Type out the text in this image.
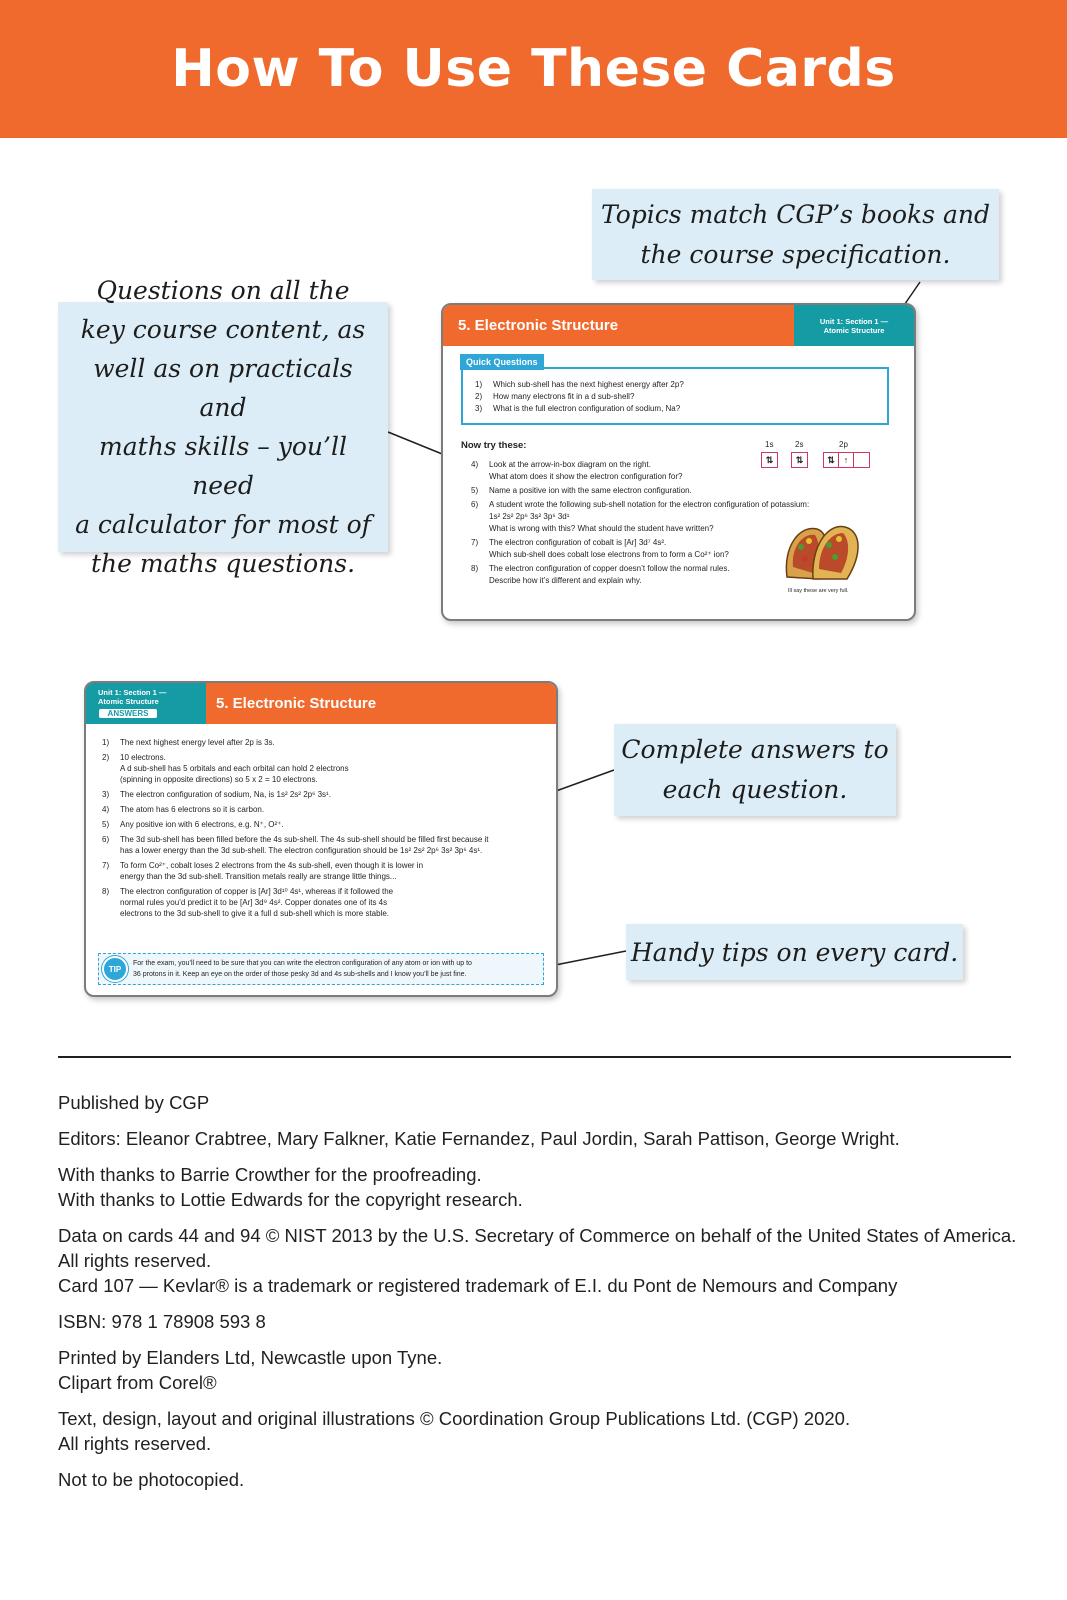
How To Use These Cards
Topics match CGP’s books and
the course specification.
Questions on all the
key course content, as
well as on practicals and
maths skills – you’ll need
a calculator for most of
the maths questions.
Complete answers to
each question.
Handy tips on every card.
5. Electronic Structure	Unit 1: Section 1 —
Atomic Structure
1)	Which sub-shell has the next highest energy after 2p?
2)	How many electrons fit in a d sub-shell?
3)	What is the full electron configuration of sodium, Na?
Quick Questions
Now try these:	1s	2s	2p
⇅	⇅	⇅ ↑
4)	Look at the arrow-in-box diagram on the right.
What atom does it show the electron configuration for?
5)	Name a positive ion with the same electron configuration.
6)	A student wrote the following sub-shell notation for the electron configuration of potassium:
1s² 2s² 2p⁶ 3s² 3p⁶ 3d¹
What is wrong with this? What should the student have written?
7)	The electron configuration of cobalt is [Ar] 3d⁷ 4s².
Which sub-shell does cobalt lose electrons from to form a Co²⁺ ion?
8)	The electron configuration of copper doesn’t follow the normal rules.
Describe how it’s different and explain why.
Ill say these are very full.
Unit 1: Section 1 —
Atomic Structure
ANSWERS
5. Electronic Structure
1)	The next highest energy level after 2p is 3s.
2)	10 electrons.
A d sub-shell has 5 orbitals and each orbital can hold 2 electrons
(spinning in opposite directions) so 5 x 2 = 10 electrons.
3)	The electron configuration of sodium, Na, is 1s² 2s² 2p⁶ 3s¹.
4)	The atom has 6 electrons so it is carbon.
5)	Any positive ion with 6 electrons, e.g. N⁺, O²⁺.
6)	The 3d sub-shell has been filled before the 4s sub-shell. The 4s sub-shell should be filled first because it
has a lower energy than the 3d sub-shell. The electron configuration should be 1s² 2s² 2p⁶ 3s² 3p⁶ 4s¹.
7)	To form Co²⁺, cobalt loses 2 electrons from the 4s sub-shell, even though it is lower in
energy than the 3d sub-shell. Transition metals really are strange little things...
8)	The electron configuration of copper is [Ar] 3d¹⁰ 4s¹, whereas if it followed the
normal rules you’d predict it to be [Ar] 3d⁹ 4s². Copper donates one of its 4s
electrons to the 3d sub-shell to give it a full d sub-shell which is more stable.
TIP
For the exam, you’ll need to be sure that you can write the electron configuration of any atom or ion with up to
36 protons in it. Keep an eye on the order of those pesky 3d and 4s sub-shells and I know you’ll be just fine.

Published by CGP

Editors: Eleanor Crabtree, Mary Falkner, Katie Fernandez, Paul Jordin, Sarah Pattison, George Wright.

With thanks to Barrie Crowther for the proofreading.
With thanks to Lottie Edwards for the copyright research.

Data on cards 44 and 94 © NIST 2013 by the U.S. Secretary of Commerce on behalf of the United States of America.
All rights reserved.
Card 107 — Kevlar® is a trademark or registered trademark of E.I. du Pont de Nemours and Company

ISBN: 978 1 78908 593 8

Printed by Elanders Ltd, Newcastle upon Tyne.
Clipart from Corel®

Text, design, layout and original illustrations © Coordination Group Publications Ltd. (CGP) 2020.
All rights reserved.

Not to be photocopied.
